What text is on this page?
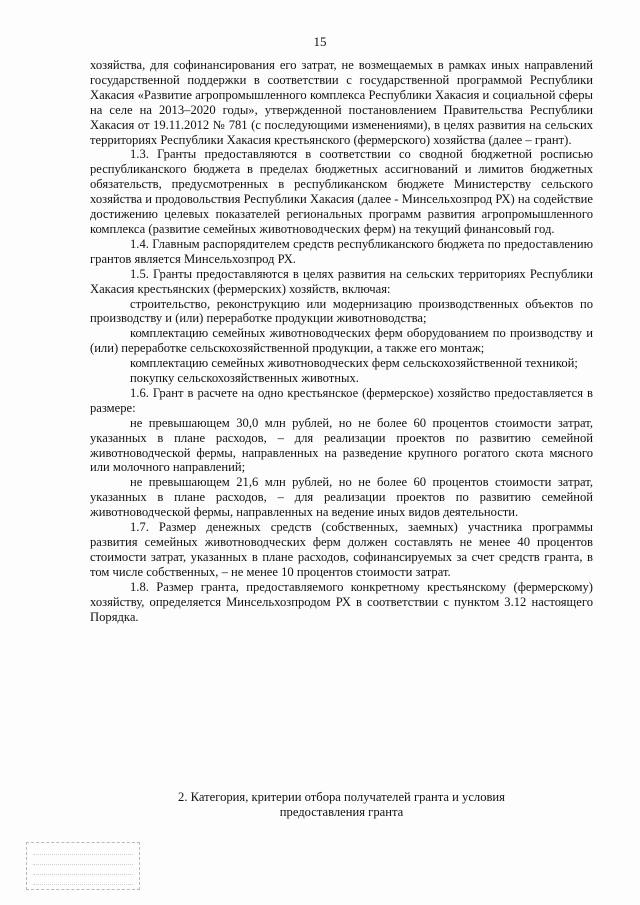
15

хозяйства, для софинансирования его затрат, не возмещаемых в рамках иных направлений государственной поддержки в соответствии с государственной программой Республики Хакасия «Развитие агропромышленного комплекса Республики Хакасия и социальной сферы на селе на 2013–2020 годы», утвержденной постановлением Правительства Республики Хакасия от 19.11.2012 № 781 (с последующими изменениями), в целях развития на сельских территориях Республики Хакасия крестьянского (фермерского) хозяйства (далее – грант).

1.3. Гранты предоставляются в соответствии со сводной бюджетной росписью республиканского бюджета в пределах бюджетных ассигнований и лимитов бюджетных обязательств, предусмотренных в республиканском бюджете Министерству сельского хозяйства и продовольствия Республики Хакасия (далее - Минсельхозпрод РХ) на содействие достижению целевых показателей региональных программ развития агропромышленного комплекса (развитие семейных животноводческих ферм) на текущий финансовый год.

1.4. Главным распорядителем средств республиканского бюджета по предоставлению грантов является Минсельхозпрод РХ.

1.5. Гранты предоставляются в целях развития на сельских территориях Республики Хакасия крестьянских (фермерских) хозяйств, включая:

строительство, реконструкцию или модернизацию производственных объектов по производству и (или) переработке продукции животноводства;

комплектацию семейных животноводческих ферм оборудованием по производству и (или) переработке сельскохозяйственной продукции, а также его монтаж;

комплектацию семейных животноводческих ферм сельскохозяйственной техникой;

покупку сельскохозяйственных животных.

1.6. Грант в расчете на одно крестьянское (фермерское) хозяйство предоставляется в размере:

не превышающем 30,0 млн рублей, но не более 60 процентов стоимости затрат, указанных в плане расходов, – для реализации проектов по развитию семейной животноводческой фермы, направленных на разведение крупного рогатого скота мясного или молочного направлений;

не превышающем 21,6 млн рублей, но не более 60 процентов стоимости затрат, указанных в плане расходов, – для реализации проектов по развитию семейной животноводческой фермы, направленных на ведение иных видов деятельности.

1.7. Размер денежных средств (собственных, заемных) участника программы развития семейных животноводческих ферм должен составлять не менее 40 процентов стоимости затрат, указанных в плане расходов, софинансируемых за счет средств гранта, в том числе собственных, – не менее 10 процентов стоимости затрат.

1.8. Размер гранта, предоставляемого конкретному крестьянскому (фермерскому) хозяйству, определяется Минсельхозпродом РХ в соответствии с пунктом 3.12 настоящего Порядка.

2. Категория, критерии отбора получателей гранта и условия
предоставления гранта
